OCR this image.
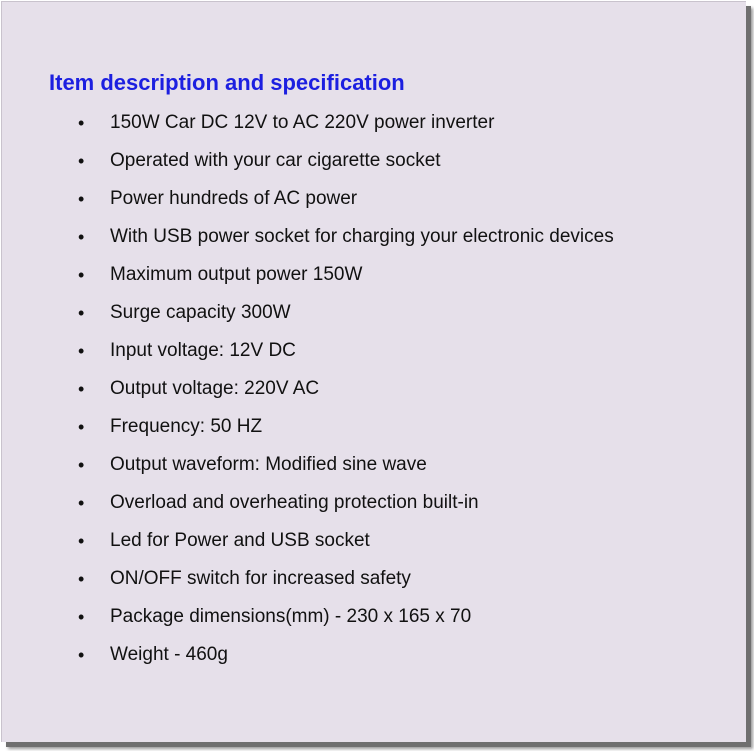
Item description and specification
• 150W Car DC 12V to AC 220V power inverter
• Operated with your car cigarette socket
• Power hundreds of AC power
• With USB power socket for charging your electronic devices
• Maximum output power 150W
• Surge capacity 300W
• Input voltage: 12V DC
• Output voltage: 220V AC
• Frequency: 50 HZ
• Output waveform: Modified sine wave
• Overload and overheating protection built-in
• Led for Power and USB socket
• ON/OFF switch for increased safety
• Package dimensions(mm) - 230 x 165 x 70
• Weight - 460g
